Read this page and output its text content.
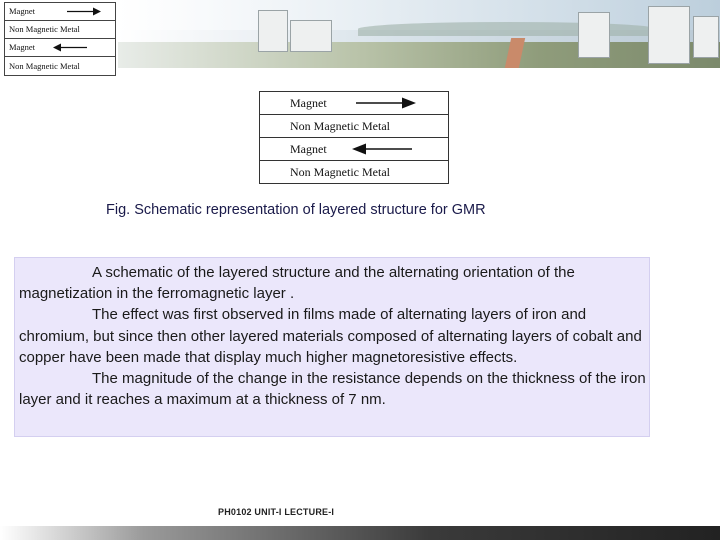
Magnet
Non Magnetic Metal
Magnet
Non Magnetic Metal
Magnet
Non Magnetic Metal
Magnet
Non Magnetic Metal
Fig. Schematic representation of layered structure for GMR

A schematic of the layered structure and the alternating orientation of the magnetization in the ferromagnetic layer .

The effect was first observed in films made of alternating layers of iron and chromium, but since then other layered materials composed of alternating layers of cobalt and copper have been made that display much higher magnetoresistive effects.

The magnitude of the change in the resistance depends on the thickness of the iron layer and it reaches a maximum at a thickness of 7 nm.

PH0102 UNIT-I LECTURE-I
